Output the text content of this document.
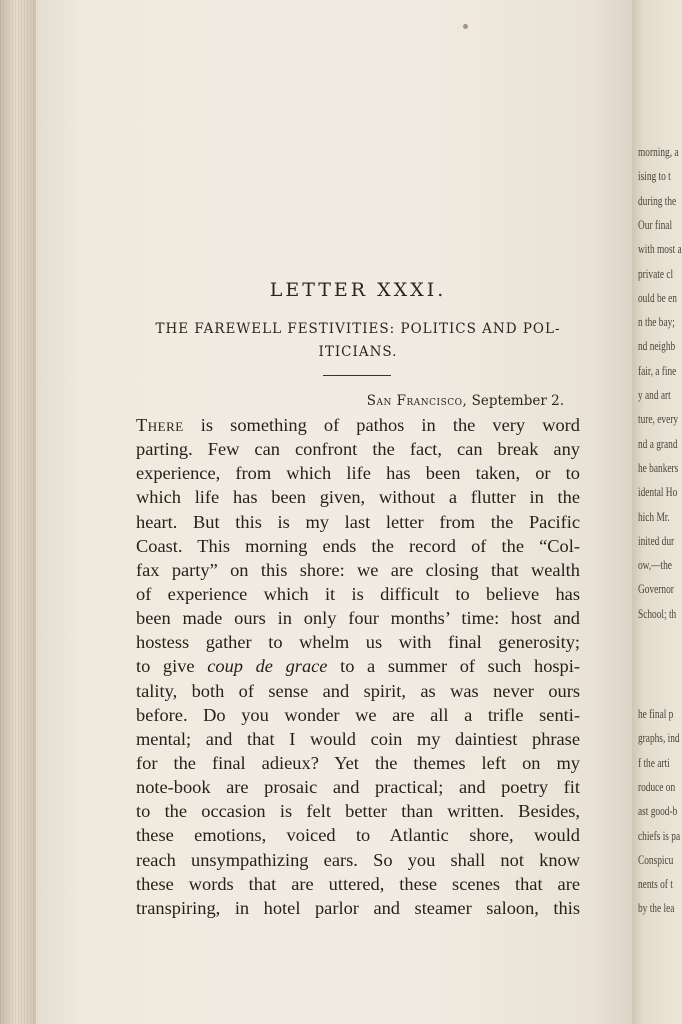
morning, a
ising to t
during the
Our final
with most a
private cl
ould be en
n the bay;
nd neighb
fair, a fine
y and art
ture, every
nd a grand
he bankers
idental Ho
hich Mr.
inited dur
ow,—the
Governor
School; th
he final p
graphs, ind
f the arti
roduce on
ast good-b
chiefs is pa
Conspicu
nents of t
by the lea
LETTER XXXI.
THE FAREWELL FESTIVITIES: POLITICS AND POL-
ITICIANS.
San Francisco, September 2.
There is something of pathos in the very word
parting. Few can confront the fact, can break any
experience, from which life has been taken, or to
which life has been given, without a flutter in the
heart. But this is my last letter from the Pacific
Coast. This morning ends the record of the “Col-
fax party” on this shore: we are closing that wealth
of experience which it is difficult to believe has
been made ours in only four months’ time: host and
hostess gather to whelm us with final generosity;
to give coup de grace to a summer of such hospi-
tality, both of sense and spirit, as was never ours
before. Do you wonder we are all a trifle senti-
mental; and that I would coin my daintiest phrase
for the final adieux? Yet the themes left on my
note-book are prosaic and practical; and poetry fit
to the occasion is felt better than written. Besides,
these emotions, voiced to Atlantic shore, would
reach unsympathizing ears. So you shall not know
these words that are uttered, these scenes that are
transpiring, in hotel parlor and steamer saloon, this
